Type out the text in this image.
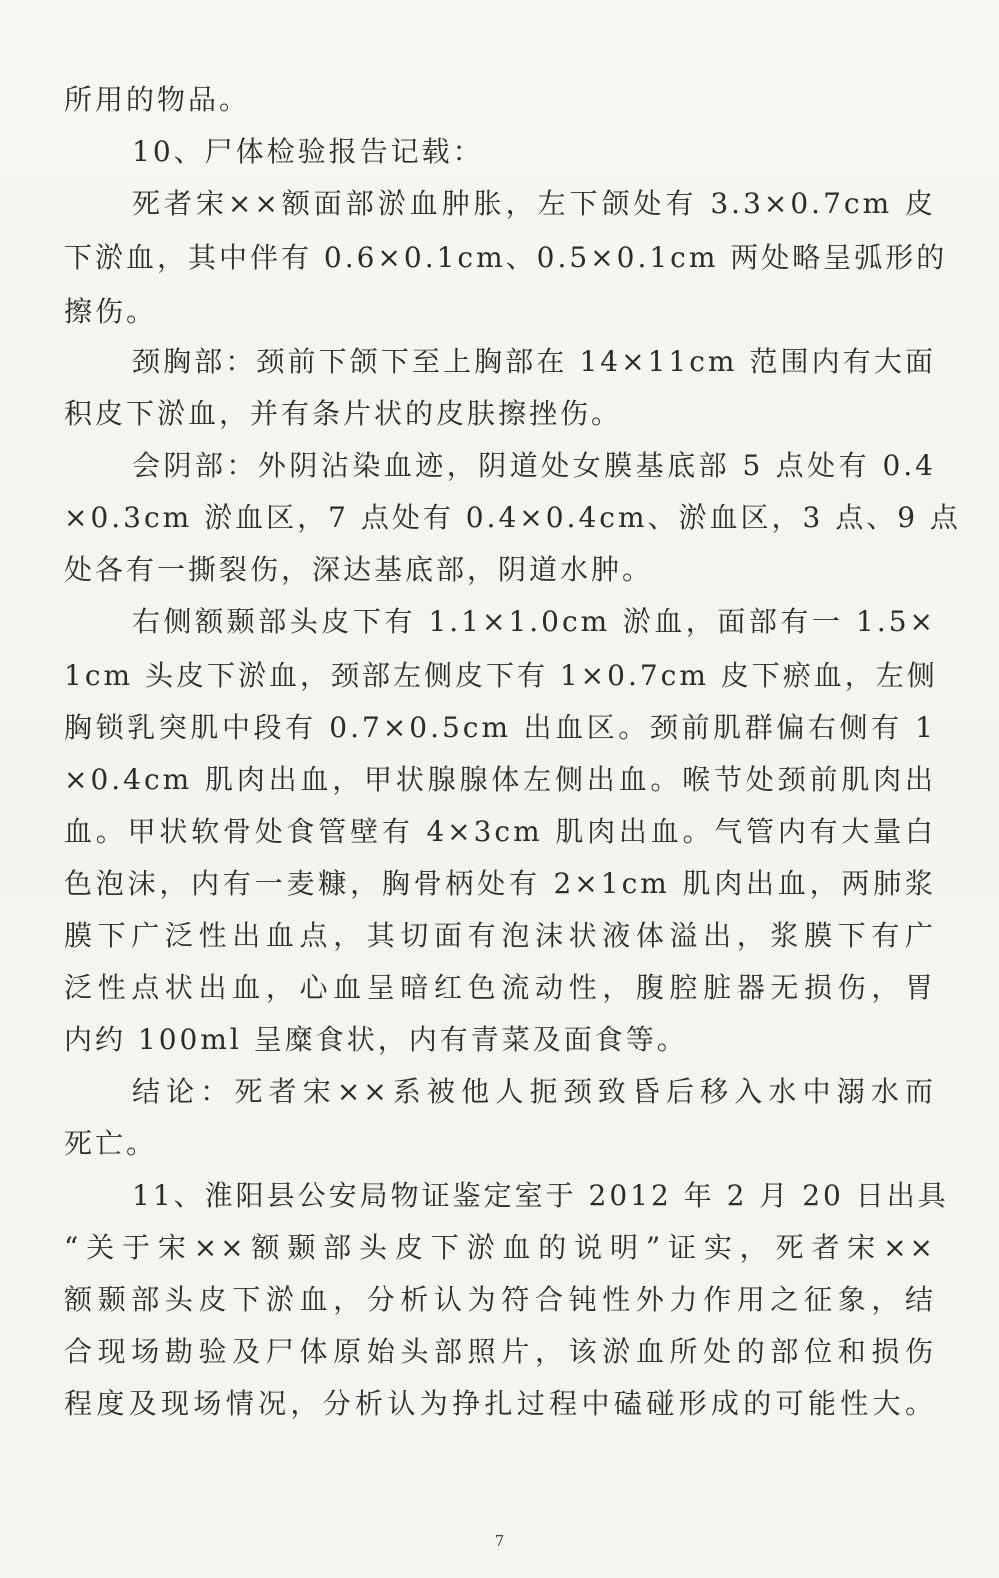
所用的物品。

10、尸体检验报告记载：

死者宋××额面部淤血肿胀，左下颌处有 3.3×0.7cm 皮

下淤血，其中伴有 0.6×0.1cm、0.5×0.1cm 两处略呈弧形的

擦伤。

颈胸部：颈前下颌下至上胸部在 14×11cm 范围内有大面

积皮下淤血，并有条片状的皮肤擦挫伤。

会阴部：外阴沾染血迹，阴道处女膜基底部 5 点处有 0.4

×0.3cm 淤血区，7 点处有 0.4×0.4cm、淤血区，3 点、9 点

处各有一撕裂伤，深达基底部，阴道水肿。

右侧额颞部头皮下有 1.1×1.0cm 淤血，面部有一 1.5×

1cm 头皮下淤血，颈部左侧皮下有 1×0.7cm 皮下瘀血，左侧

胸锁乳突肌中段有 0.7×0.5cm 出血区。颈前肌群偏右侧有 1

×0.4cm 肌肉出血，甲状腺腺体左侧出血。喉节处颈前肌肉出

血。甲状软骨处食管壁有 4×3cm 肌肉出血。气管内有大量白

色泡沫，内有一麦糠，胸骨柄处有 2×1cm 肌肉出血，两肺浆

膜下广泛性出血点，其切面有泡沫状液体溢出，浆膜下有广

泛性点状出血，心血呈暗红色流动性，腹腔脏器无损伤，胃

内约 100ml 呈糜食状，内有青菜及面食等。

结论：死者宋××系被他人扼颈致昏后移入水中溺水而

死亡。

11、淮阳县公安局物证鉴定室于 2012 年 2 月 20 日出具

“关于宋××额颞部头皮下淤血的说明”证实，死者宋××

额颞部头皮下淤血，分析认为符合钝性外力作用之征象，结

合现场勘验及尸体原始头部照片，该淤血所处的部位和损伤

程度及现场情况，分析认为挣扎过程中磕碰形成的可能性大。

7
